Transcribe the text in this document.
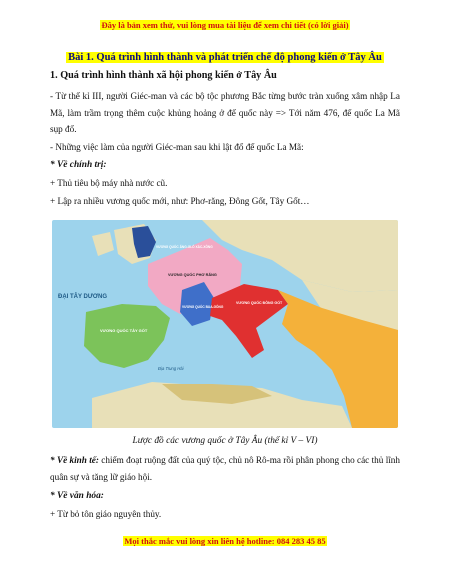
Đây là bản xem thử, vui lòng mua tài liệu để xem chi tiết (có lời giải)
Bài 1. Quá trình hình thành và phát triển chế độ phong kiến ở Tây Âu
1. Quá trình hình thành xã hội phong kiến ở Tây Âu
- Từ thế kỉ III, người Giéc-man và các bộ tộc phương Bắc từng bước tràn xuống xâm nhập La Mã, làm trầm trọng thêm cuộc khủng hoảng ở đế quốc này => Tới năm 476, đế quốc La Mã sụp đổ.
- Những việc làm của người Giéc-man sau khi lật đổ đế quốc La Mã:
* Về chính trị:
+ Thủ tiêu bộ máy nhà nước cũ.
+ Lập ra nhiều vương quốc mới, như: Phơ-răng, Đông Gốt, Tây Gốt…
ĐẠI TÂY DƯƠNG
VƯƠNG QUỐC PHƠ RĂNG
VƯƠNG QUỐC BUA-GÔNG
VƯƠNG QUỐC TÂY GỐT
VƯƠNG QUỐC ĐÔNG GỐT
VƯƠNG QUỐC ĂNG-GLÔ XẮC-XÔNG
Địa Trung Hải
Lược đồ các vương quốc ở Tây Âu (thế kỉ V – VI)
* Về kinh tế: chiếm đoạt ruộng đất của quý tộc, chủ nô Rô-ma rồi phân phong cho các thủ lĩnh quân sự và tăng lữ giáo hội.
* Về văn hóa:
+ Từ bỏ tôn giáo nguyên thủy.
Mọi thắc mắc vui lòng xin liên hệ hotline: 084 283 45 85
